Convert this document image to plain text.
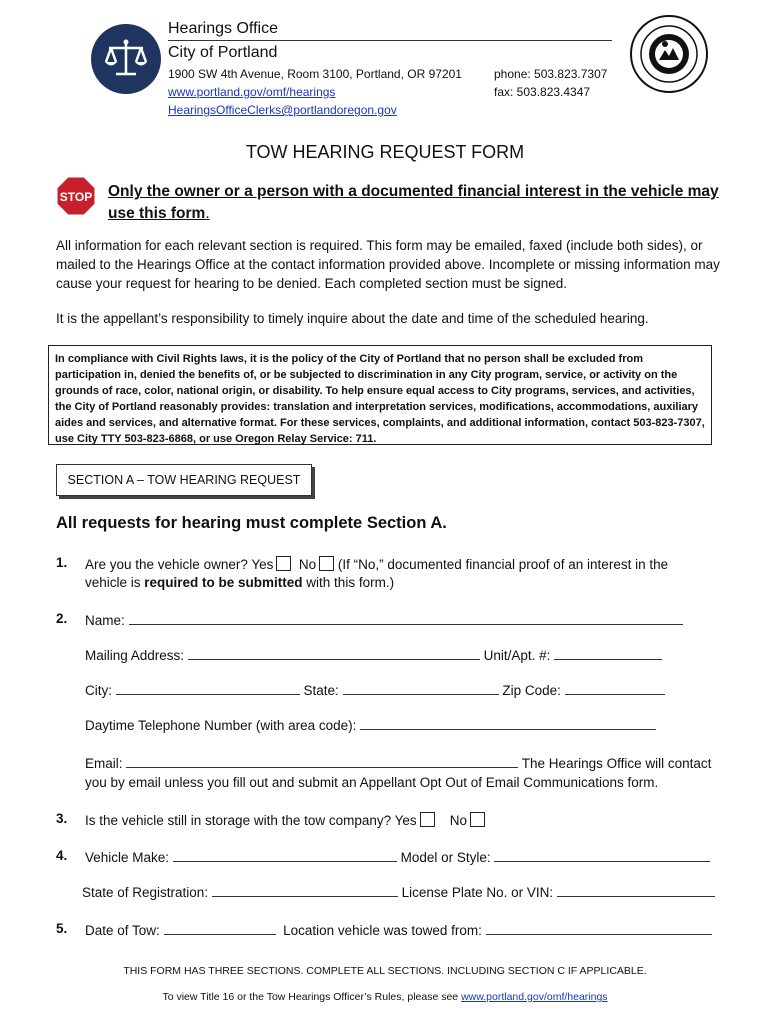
Hearings Office
City of Portland
1900 SW 4th Avenue, Room 3100, Portland, OR 97201
www.portland.gov/omf/hearings
HearingsOfficeClerks@portlandoregon.gov
phone: 503.823.7307
fax: 503.823.4347
TOW HEARING REQUEST FORM
STOP Only the owner or a person with a documented financial interest in the vehicle may use this form.
All information for each relevant section is required. This form may be emailed, faxed (include both sides), or mailed to the Hearings Office at the contact information provided above. Incomplete or missing information may cause your request for hearing to be denied. Each completed section must be signed.
It is the appellant’s responsibility to timely inquire about the date and time of the scheduled hearing.
In compliance with Civil Rights laws, it is the policy of the City of Portland that no person shall be excluded from participation in, denied the benefits of, or be subjected to discrimination in any City program, service, or activity on the grounds of race, color, national origin, or disability. To help ensure equal access to City programs, services, and activities, the City of Portland reasonably provides: translation and interpretation services, modifications, accommodations, auxiliary aides and services, and alternative format. For these services, complaints, and additional information, contact 503-823-7307, use City TTY 503-823-6868, or use Oregon Relay Service: 711.
SECTION A – TOW HEARING REQUEST
All requests for hearing must complete Section A.
1. Are you the vehicle owner? Yes No (If “No,” documented financial proof of an interest in the
vehicle is required to be submitted with this form.)
2. Name:
Mailing Address:	Unit/Apt. #:
City:	State:	Zip Code:
Daytime Telephone Number (with area code):
Email:	The Hearings Office will contact
you by email unless you fill out and submit an Appellant Opt Out of Email Communications form.
3. Is the vehicle still in storage with the tow company? Yes No
4. Vehicle Make:	Model or Style:
State of Registration:	License Plate No. or VIN:
5. Date of Tow:	Location vehicle was towed from:
THIS FORM HAS THREE SECTIONS. COMPLETE ALL SECTIONS. INCLUDING SECTION C IF APPLICABLE.
To view Title 16 or the Tow Hearings Officer’s Rules, please see www.portland.gov/omf/hearings
